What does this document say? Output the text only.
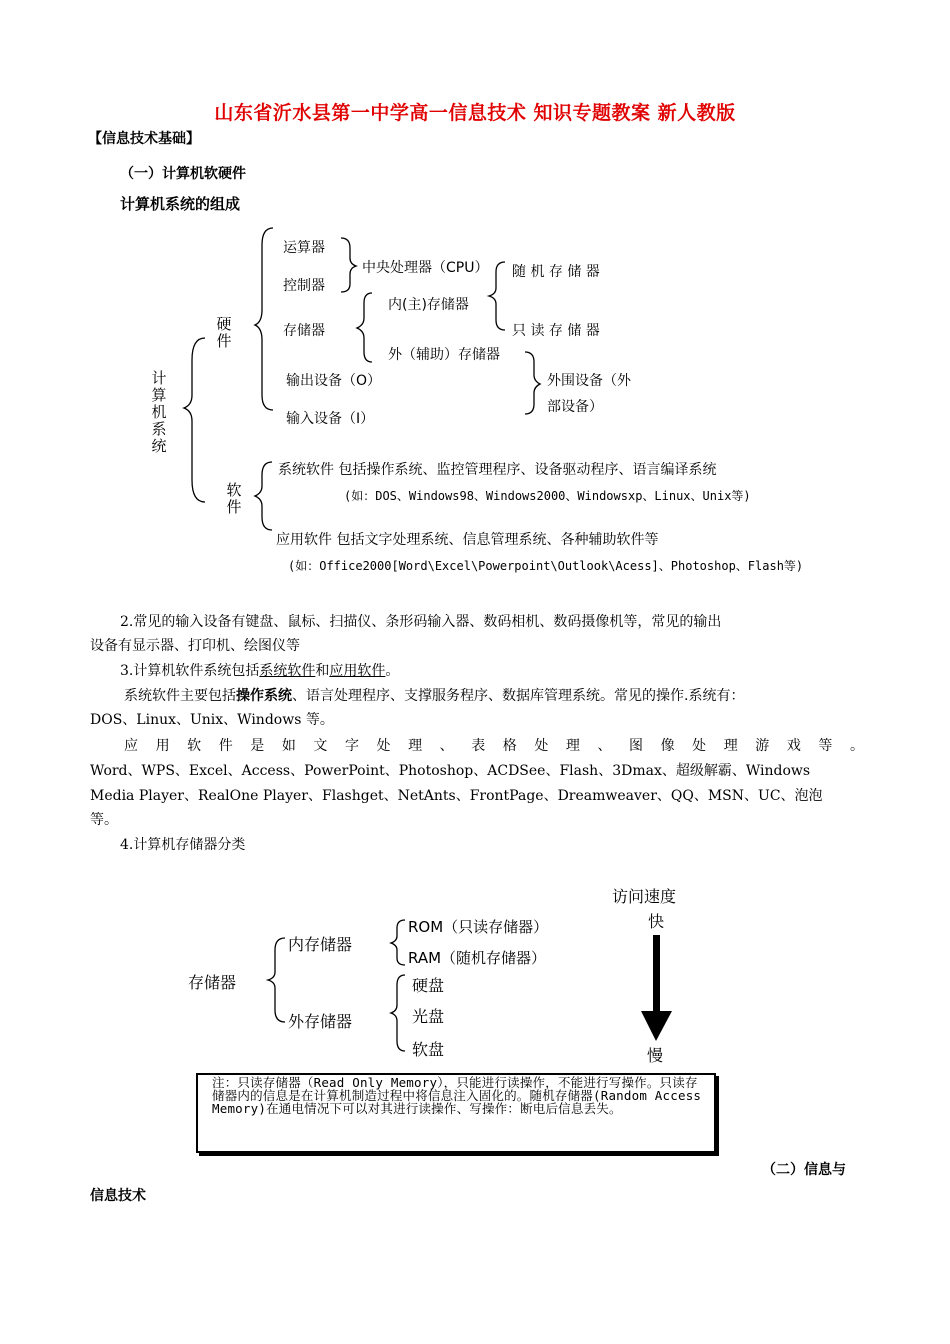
山东省沂水县第一中学高一信息技术 知识专题教案 新人教版
【信息技术基础】
（一）计算机软硬件
计算机系统的组成
计算机系统
硬件
软件
运算器
控制器
中央处理器（CPU） 随 机 存 储 器
只 读 存 储 器
存储器
内(主)存储器
外（辅助）存储器
输出设备（O）
输入设备（I）
外围设备（外
部设备）
系统软件 包括操作系统、监控管理程序、设备驱动程序、语言编译系统
(如：DOS、Windows98、Windows2000、Windowsxp、Linux、Unix等)
应用软件 包括文字处理系统、信息管理系统、各种辅助软件等
(如：Office2000[Word\Excel\Powerpoint\Outlook\Acess]、Photoshop、Flash等)
2.常见的输入设备有键盘、鼠标、扫描仪、条形码输入器、数码相机、数码摄像机等，常见的输出
设备有显示器、打印机、绘图仪等
3.计算机软件系统包括系统软件和应用软件。
系统软件主要包括操作系统、语言处理程序、支撑服务程序、数据库管理系统。常见的操作.系统有：
DOS、Linux、Unix、Windows 等。
应 用 软 件 是 如 文 字 处 理 、 表 格 处 理 、 图 像 处 理 游 戏 等 。
Word、WPS、Excel、Access、PowerPoint、Photoshop、ACDSee、Flash、3Dmax、超级解霸、Windows
Media Player、RealOne Player、Flashget、NetAnts、FrontPage、Dreamweaver、QQ、MSN、UC、泡泡
等。
4.计算机存储器分类
访问速度
快
慢
存储器
内存储器
外存储器
ROM（只读存储器）
RAM（随机存储器）
硬盘
光盘
软盘
注：只读存储器（Read Only Memory），只能进行读操作，不能进行写操作。只读存储器内的信息是在计算机制造过程中将信息注入固化的。随机存储器(Random Access Memory)在通电情况下可以对其进行读操作、写操作：断电后信息丢失。
（二）信息与
信息技术
